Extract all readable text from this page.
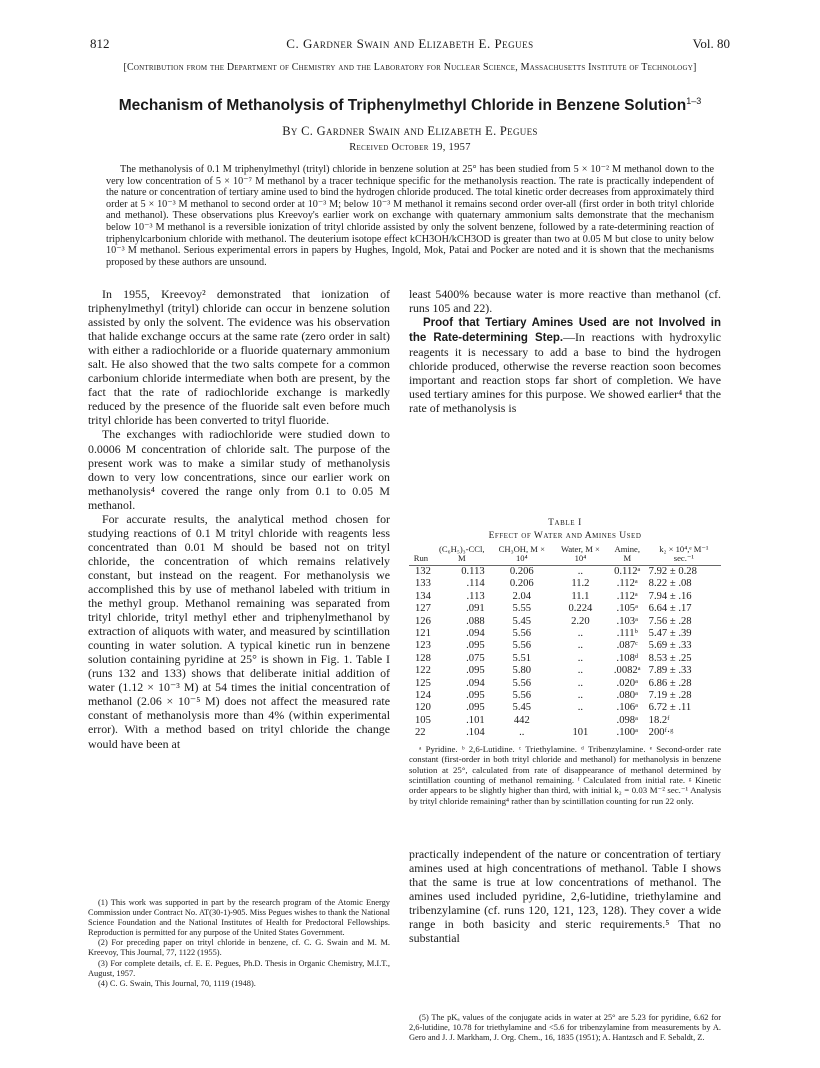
812	C. Gardner Swain and Elizabeth E. Pegues	Vol. 80
[Contribution from the Department of Chemistry and the Laboratory for Nuclear Science, Massachusetts Institute of Technology]
Mechanism of Methanolysis of Triphenylmethyl Chloride in Benzene Solution$^{1-3}$
By C. Gardner Swain and Elizabeth E. Pegues
Received October 19, 1957
The methanolysis of 0.1 M triphenylmethyl (trityl) chloride in benzene solution at 25° has been studied from 5 × 10⁻² M methanol down to the very low concentration of 5 × 10⁻⁷ M methanol by a tracer technique specific for the methanolysis reaction. The rate is practically independent of the nature or concentration of tertiary amine used to bind the hydrogen chloride produced. The total kinetic order decreases from approximately third order at 5 × 10⁻³ M methanol to second order at 10⁻³ M; below 10⁻³ M methanol it remains second order over-all (first order in both trityl chloride and methanol). These observations plus Kreevoy's earlier work on exchange with quaternary ammonium salts demonstrate that the mechanism below 10⁻³ M methanol is a reversible ionization of trityl chloride assisted by only the solvent benzene, followed by a rate-determining reaction of triphenylcarbonium chloride with methanol. The deuterium isotope effect kCH3OH/kCH3OD is greater than two at 0.05 M but close to unity below 10⁻³ M methanol. Serious experimental errors in papers by Hughes, Ingold, Mok, Patai and Pocker are noted and it is shown that the mechanisms proposed by these authors are unsound.

In 1955, Kreevoy² demonstrated that ionization of triphenylmethyl (trityl) chloride can occur in benzene solution assisted by only the solvent. The evidence was his observation that halide exchange occurs at the same rate (zero order in salt) with either a radiochloride or a fluoride quaternary ammonium salt. He also showed that the two salts compete for a common carbonium chloride intermediate when both are present, by the fact that the rate of radiochloride exchange is markedly reduced by the presence of the fluoride salt even before much trityl chloride has been converted to trityl fluoride.

The exchanges with radiochloride were studied down to 0.0006 M concentration of chloride salt. The purpose of the present work was to make a similar study of methanolysis down to very low concentrations, since our earlier work on methanolysis⁴ covered the range only from 0.1 to 0.05 M methanol.

For accurate results, the analytical method chosen for studying reactions of 0.1 M trityl chloride with reagents less concentrated than 0.01 M should be based not on trityl chloride, the concentration of which remains relatively constant, but instead on the reagent. For methanolysis we accomplished this by use of methanol labeled with tritium in the methyl group. Methanol remaining was separated from trityl chloride, trityl methyl ether and triphenylmethanol by extraction of aliquots with water, and measured by scintillation counting in water solution. A typical kinetic run in benzene solution containing pyridine at 25° is shown in Fig. 1. Table I (runs 132 and 133) shows that deliberate initial addition of water (1.12 × 10⁻³ M) at 54 times the initial concentration of methanol (2.06 × 10⁻⁵ M) does not affect the measured rate constant of methanolysis more than 4% (within experimental error). With a method based on trityl chloride the change would have been at

(1) This work was supported in part by the research program of the Atomic Energy Commission under Contract No. AT(30-1)-905. Miss Pegues wishes to thank the National Science Foundation and the National Institutes of Health for Predoctoral Fellowships. Reproduction is permitted for any purpose of the United States Government.

(2) For preceding paper on trityl chloride in benzene, cf. C. G. Swain and M. M. Kreevoy, This Journal, 77, 1122 (1955).

(3) For complete details, cf. E. E. Pegues, Ph.D. Thesis in Organic Chemistry, M.I.T., August, 1957.

(4) C. G. Swain, This Journal, 70, 1119 (1948).

least 5400% because water is more reactive than methanol (cf. runs 105 and 22).

Proof that Tertiary Amines Used are not Involved in the Rate-determining Step.—In reactions with hydroxylic reagents it is necessary to add a base to bind the hydrogen chloride produced, otherwise the reverse reaction soon becomes important and reaction stops far short of completion. We have used tertiary amines for this purpose. We showed earlier⁴ that the rate of methanolysis is

Table I
Effect of Water and Amines Used
Run	(C₆H₅)₃-CCl, M	CH₃OH, M × 10⁴	Water, M × 10⁴	Amine, M	k₂ × 10⁴,ᵉ M⁻¹ sec.⁻¹
132	0.113	0.206	..	0.112ᵃ	7.92 ± 0.28
133	.114	0.206	11.2	.112ᵃ	8.22 ± .08
134	.113	2.04	11.1	.112ᵃ	7.94 ± .16
127	.091	5.55	0.224	.105ᵃ	6.64 ± .17
126	.088	5.45	2.20	.103ᵃ	7.56 ± .28
121	.094	5.56	..	.111ᵇ	5.47 ± .39
123	.095	5.56	..	.087ᶜ	5.69 ± .33
128	.075	5.51	..	.108ᵈ	8.53 ± .25
122	.095	5.80	..	.0082ᵃ	7.89 ± .33
125	.094	5.56	..	.020ᵃ	6.86 ± .28
124	.095	5.56	..	.080ᵃ	7.19 ± .28
120	.095	5.45	..	.106ᵃ	6.72 ± .11
105	.101	442		.098ᵃ	18.2ᶠ
22	.104	..	101	.100ᵃ	200ᶠ·ᵍ

ᵃ Pyridine. ᵇ 2,6-Lutidine. ᶜ Triethylamine. ᵈ Tribenzylamine. ᵉ Second-order rate constant (first-order in both trityl chloride and methanol) for methanolysis in benzene solution at 25°, calculated from rate of disappearance of methanol determined by scintillation counting of methanol remaining. ᶠ Calculated from initial rate. ᵍ Kinetic order appears to be slightly higher than third, with initial k₂ = 0.03 M⁻² sec.⁻¹ Analysis by trityl chloride remaining⁴ rather than by scintillation counting for run 22 only.

practically independent of the nature or concentration of tertiary amines used at high concentrations of methanol. Table I shows that the same is true at low concentrations of methanol. The amines used included pyridine, 2,6-lutidine, triethylamine and tribenzylamine (cf. runs 120, 121, 123, 128). They cover a wide range in both basicity and steric requirements.⁵ That no substantial

(5) The pKₐ values of the conjugate acids in water at 25° are 5.23 for pyridine, 6.62 for 2,6-lutidine, 10.78 for triethylamine and <5.6 for tribenzylamine from measurements by A. Gero and J. J. Markham, J. Org. Chem., 16, 1835 (1951); A. Hantzsch and F. Sebaldt, Z.
